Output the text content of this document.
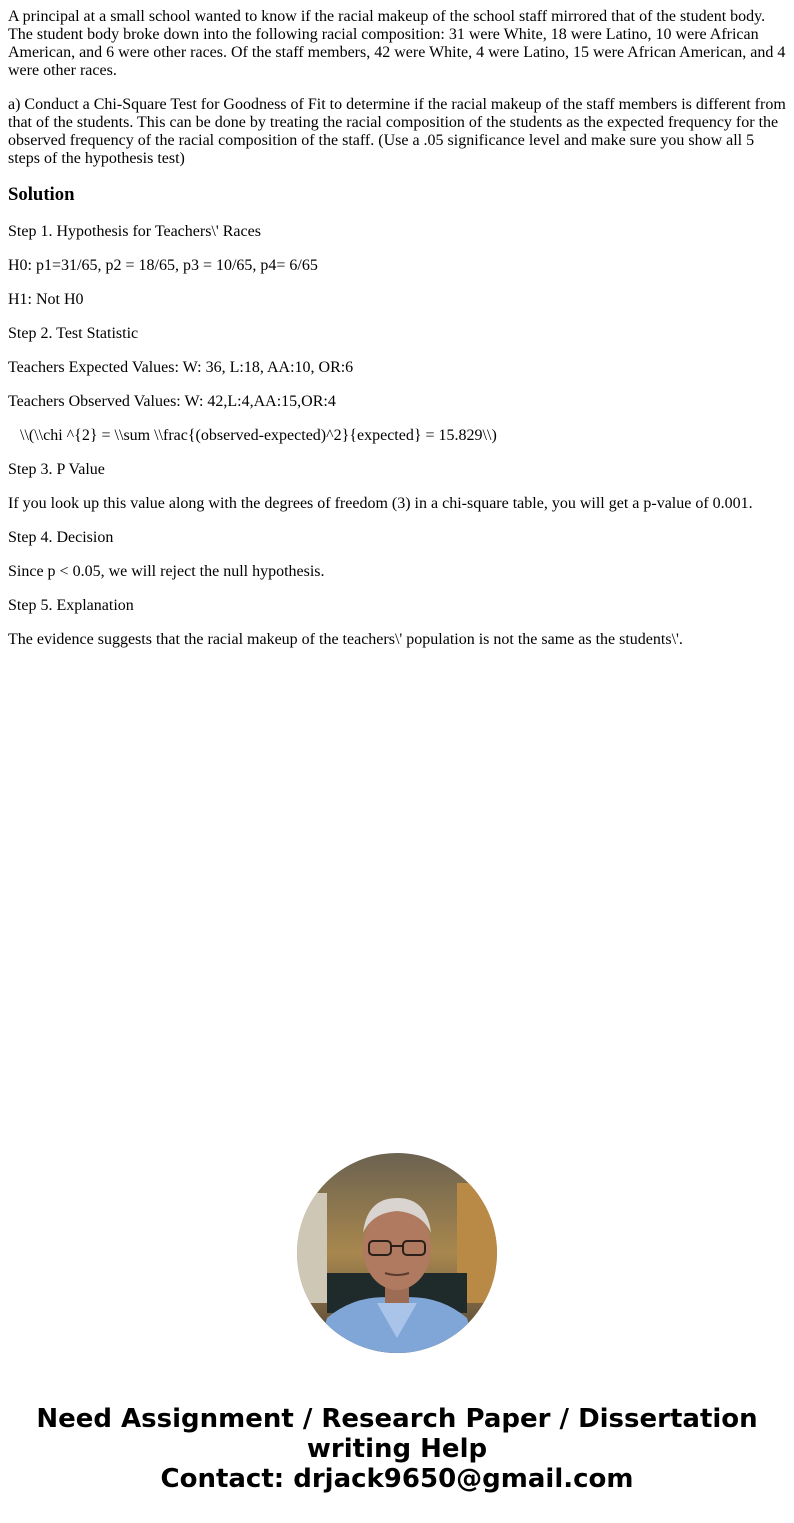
A principal at a small school wanted to know if the racial makeup of the school staff mirrored that of the student body. The student body broke down into the following racial composition: 31 were White, 18 were Latino, 10 were African American, and 6 were other races. Of the staff members, 42 were White, 4 were Latino, 15 were African American, and 4 were other races.

a) Conduct a Chi-Square Test for Goodness of Fit to determine if the racial makeup of the staff members is different from that of the students. This can be done by treating the racial composition of the students as the expected frequency for the observed frequency of the racial composition of the staff. (Use a .05 significance level and make sure you show all 5 steps of the hypothesis test)

Solution

Step 1. Hypothesis for Teachers\' Races

H0: p1=31/65, p2 = 18/65, p3 = 10/65, p4= 6/65

H1: Not H0

Step 2. Test Statistic

Teachers Expected Values: W: 36, L:18, AA:10, OR:6

Teachers Observed Values: W: 42,L:4,AA:15,OR:4

\\(\\chi ^{2} = \\sum \\frac{(observed-expected)^2}{expected} = 15.829\\)

Step 3. P Value

If you look up this value along with the degrees of freedom (3) in a chi-square table, you will get a p-value of 0.001.

Step 4. Decision

Since p < 0.05, we will reject the null hypothesis.

Step 5. Explanation

The evidence suggests that the racial makeup of the teachers\' population is not the same as the students\'.

Need Assignment / Research Paper / Dissertation
writing Help
Contact: drjack9650@gmail.com
